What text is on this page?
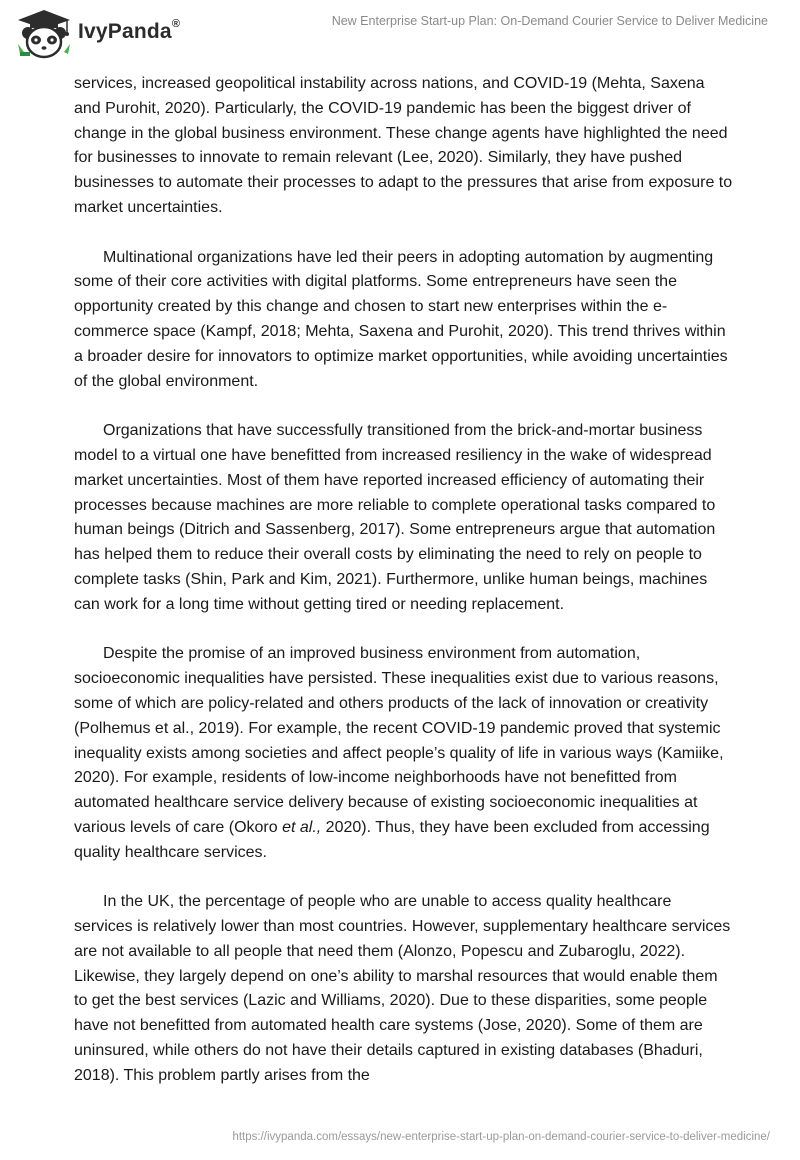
IvyPanda®	New Enterprise Start-up Plan: On-Demand Courier Service to Deliver Medicine

services, increased geopolitical instability across nations, and COVID-19 (Mehta, Saxena and Purohit, 2020). Particularly, the COVID-19 pandemic has been the biggest driver of change in the global business environment. These change agents have highlighted the need for businesses to innovate to remain relevant (Lee, 2020). Similarly, they have pushed businesses to automate their processes to adapt to the pressures that arise from exposure to market uncertainties.

Multinational organizations have led their peers in adopting automation by augmenting some of their core activities with digital platforms. Some entrepreneurs have seen the opportunity created by this change and chosen to start new enterprises within the e-commerce space (Kampf, 2018; Mehta, Saxena and Purohit, 2020). This trend thrives within a broader desire for innovators to optimize market opportunities, while avoiding uncertainties of the global environment.

Organizations that have successfully transitioned from the brick-and-mortar business model to a virtual one have benefitted from increased resiliency in the wake of widespread market uncertainties. Most of them have reported increased efficiency of automating their processes because machines are more reliable to complete operational tasks compared to human beings (Ditrich and Sassenberg, 2017). Some entrepreneurs argue that automation has helped them to reduce their overall costs by eliminating the need to rely on people to complete tasks (Shin, Park and Kim, 2021). Furthermore, unlike human beings, machines can work for a long time without getting tired or needing replacement.

Despite the promise of an improved business environment from automation, socioeconomic inequalities have persisted. These inequalities exist due to various reasons, some of which are policy-related and others products of the lack of innovation or creativity (Polhemus et al., 2019). For example, the recent COVID-19 pandemic proved that systemic inequality exists among societies and affect people’s quality of life in various ways (Kamiike, 2020). For example, residents of low-income neighborhoods have not benefitted from automated healthcare service delivery because of existing socioeconomic inequalities at various levels of care (Okoro et al., 2020). Thus, they have been excluded from accessing quality healthcare services.

In the UK, the percentage of people who are unable to access quality healthcare services is relatively lower than most countries. However, supplementary healthcare services are not available to all people that need them (Alonzo, Popescu and Zubaroglu, 2022). Likewise, they largely depend on one’s ability to marshal resources that would enable them to get the best services (Lazic and Williams, 2020). Due to these disparities, some people have not benefitted from automated health care systems (Jose, 2020). Some of them are uninsured, while others do not have their details captured in existing databases (Bhaduri, 2018). This problem partly arises from the

https://ivypanda.com/essays/new-enterprise-start-up-plan-on-demand-courier-service-to-deliver-medicine/
